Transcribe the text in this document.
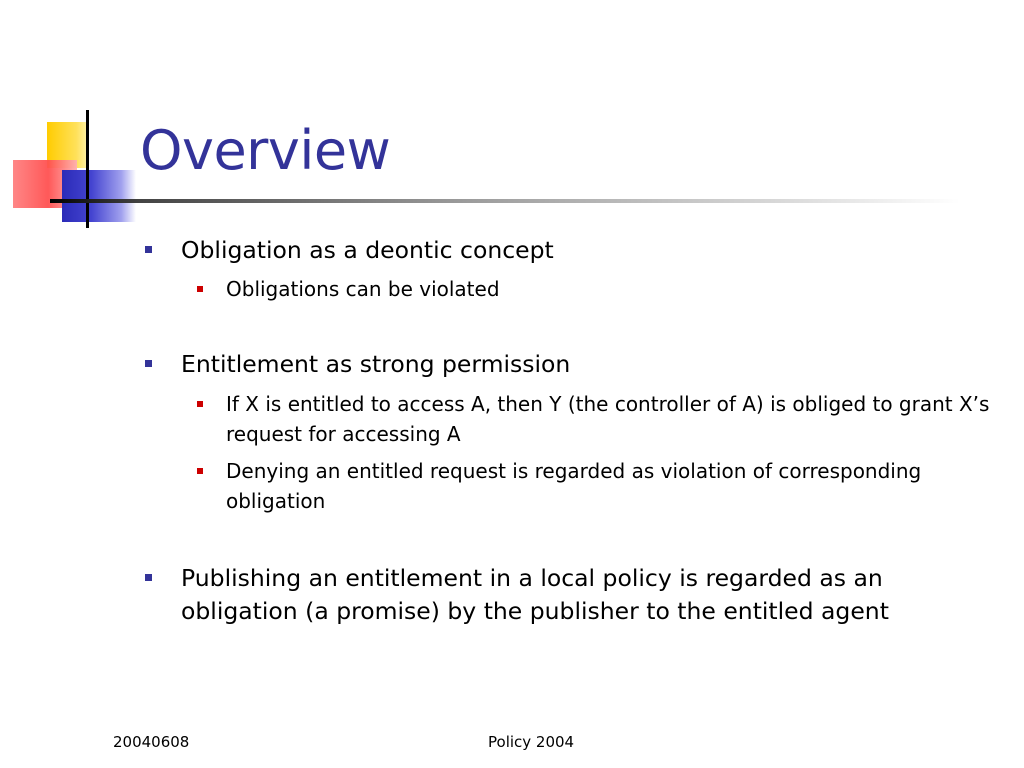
Overview
Obligation as a deontic concept
Obligations can be violated
Entitlement as strong permission
If X is entitled to access A, then Y (the controller of A) is obliged to grant X’s request for accessing A
Denying an entitled request is regarded as violation of corresponding obligation
Publishing an entitlement in a local policy is regarded as an obligation (a promise) by the publisher to the entitled agent
20040608	Policy 2004
